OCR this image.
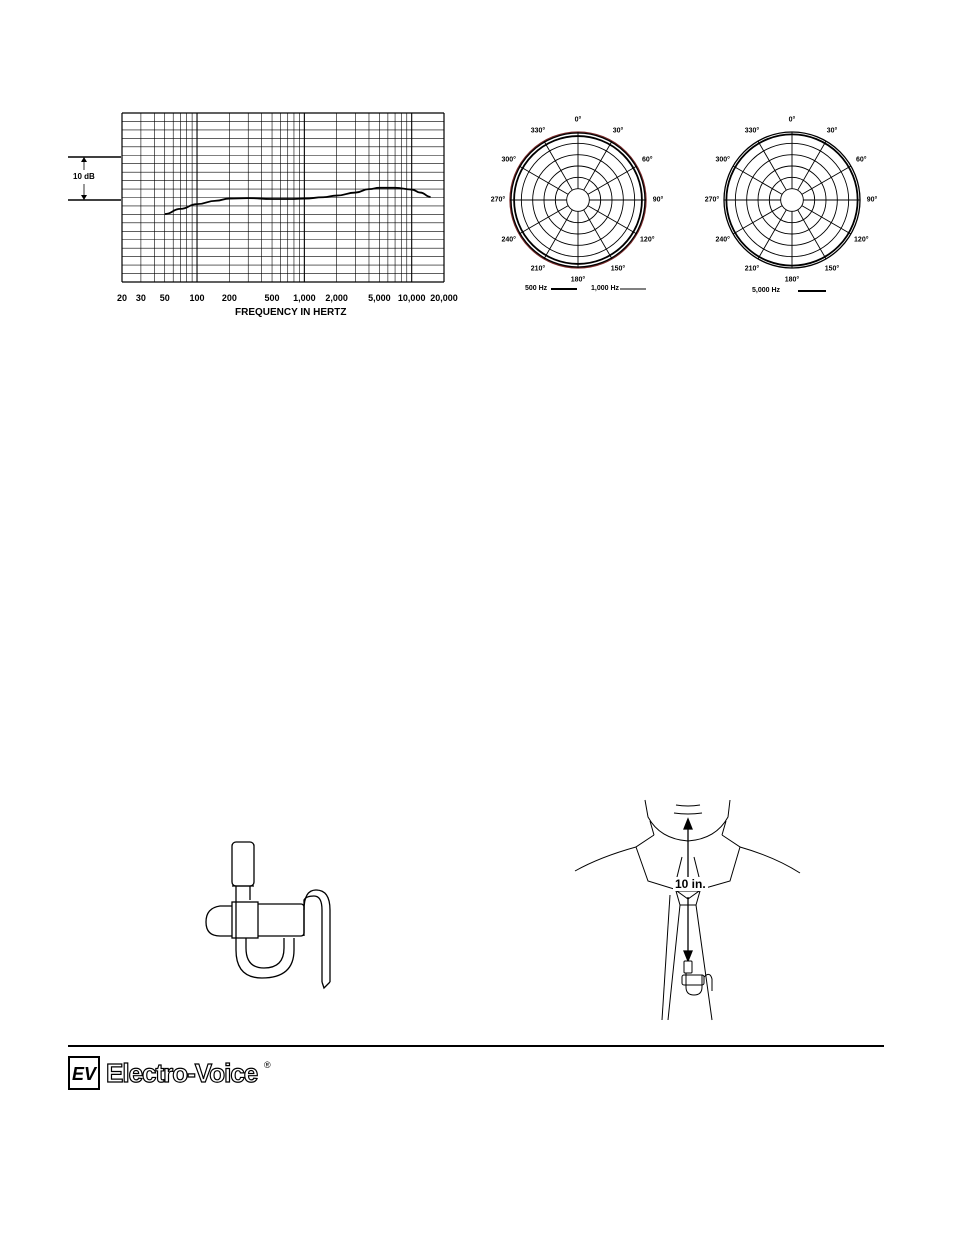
10 dB
20 30 50 100 200	500 1,000 2,000 5,000 10,000 20,000
FREQUENCY IN HERTZ
0°
30°
60°
90°
120°
150°
180°
210°
240°
270°
300°
330°
500 Hz	1,000 Hz
0°
30°
60°
90°
120°
150°
180°
210°
240°
270°
300°
330°
5,000 Hz
10 in.
EV Electro-Voice ®
